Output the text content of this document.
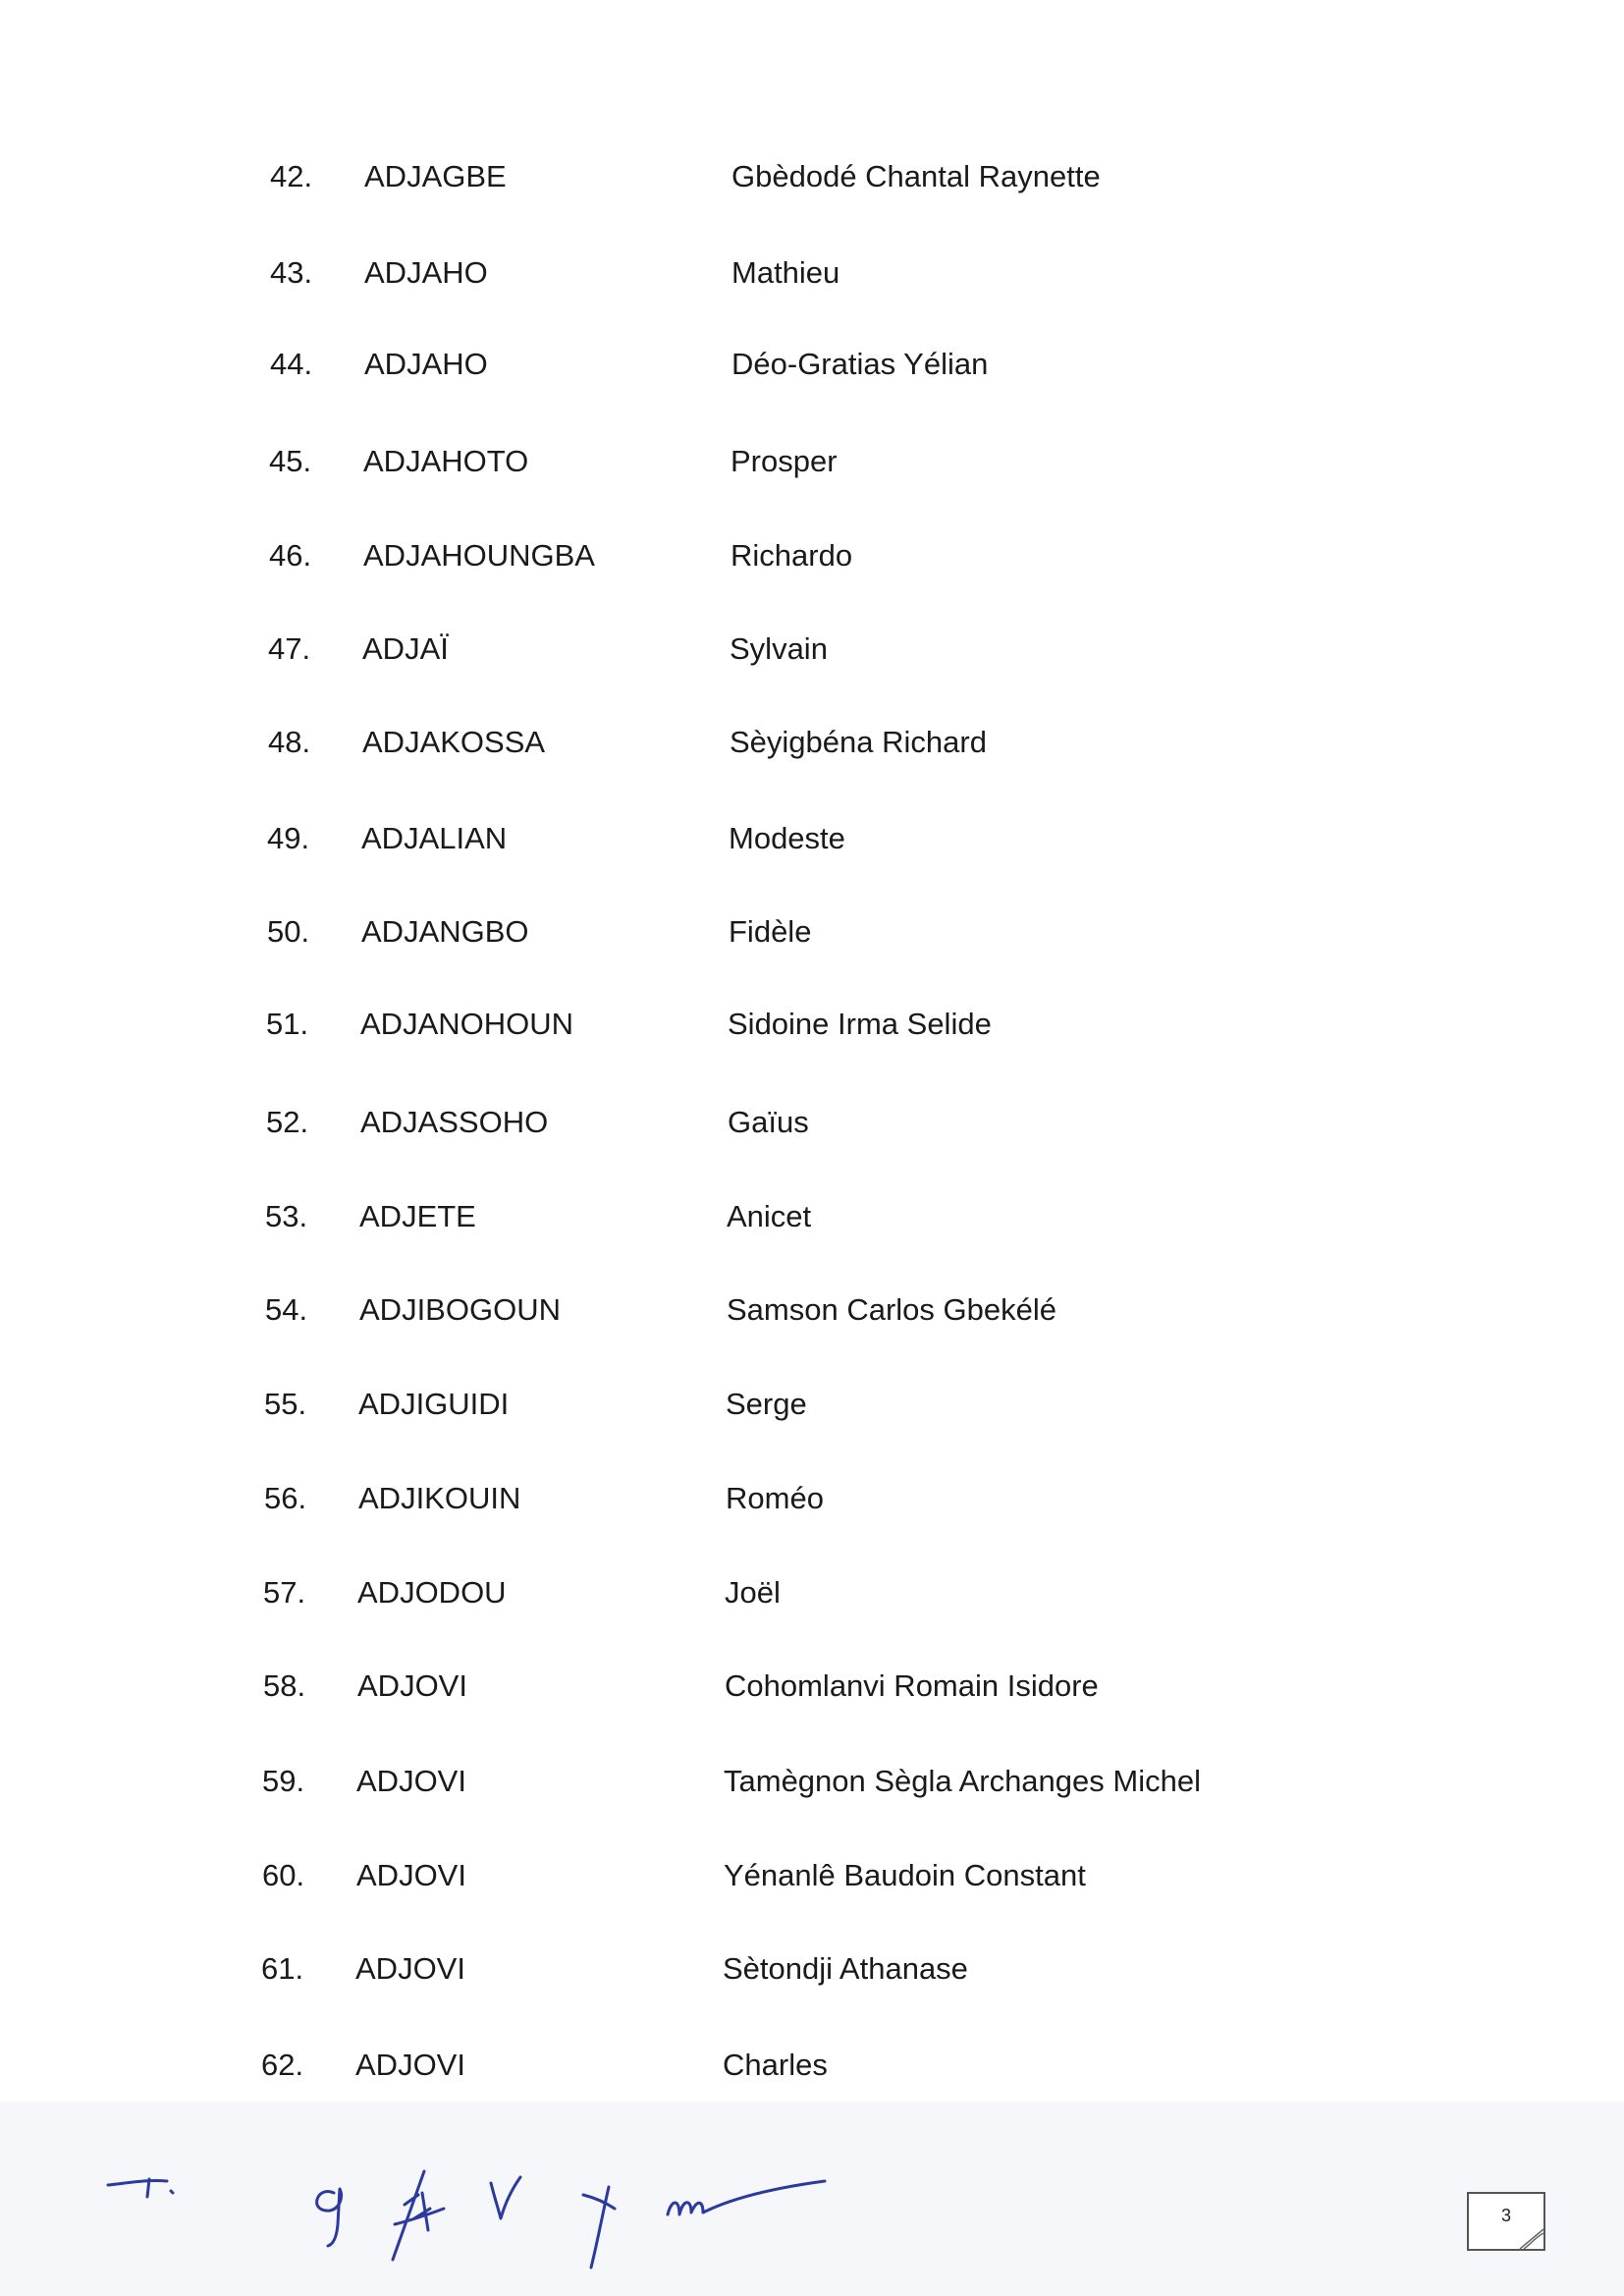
42. ADJAGBE	Gbèdodé Chantal Raynette
43. ADJAHO	Mathieu
44. ADJAHO	Déo-Gratias Yélian
45. ADJAHOTO	Prosper
46. ADJAHOUNGBA	Richardo
47. ADJAÏ	Sylvain
48. ADJAKOSSA	Sèyigbéna Richard
49. ADJALIAN	Modeste
50. ADJANGBO	Fidèle
51. ADJANOHOUN	Sidoine Irma Selide
52. ADJASSOHO	Gaïus
53. ADJETE	Anicet
54. ADJIBOGOUN	Samson Carlos Gbekélé
55. ADJIGUIDI	Serge
56. ADJIKOUIN	Roméo
57. ADJODOU	Joël
58. ADJOVI	Cohomlanvi Romain Isidore
59. ADJOVI	Tamègnon Sègla Archanges Michel
60. ADJOVI	Yénanlê Baudoin Constant
61. ADJOVI	Sètondji Athanase
62. ADJOVI	Charles
3
